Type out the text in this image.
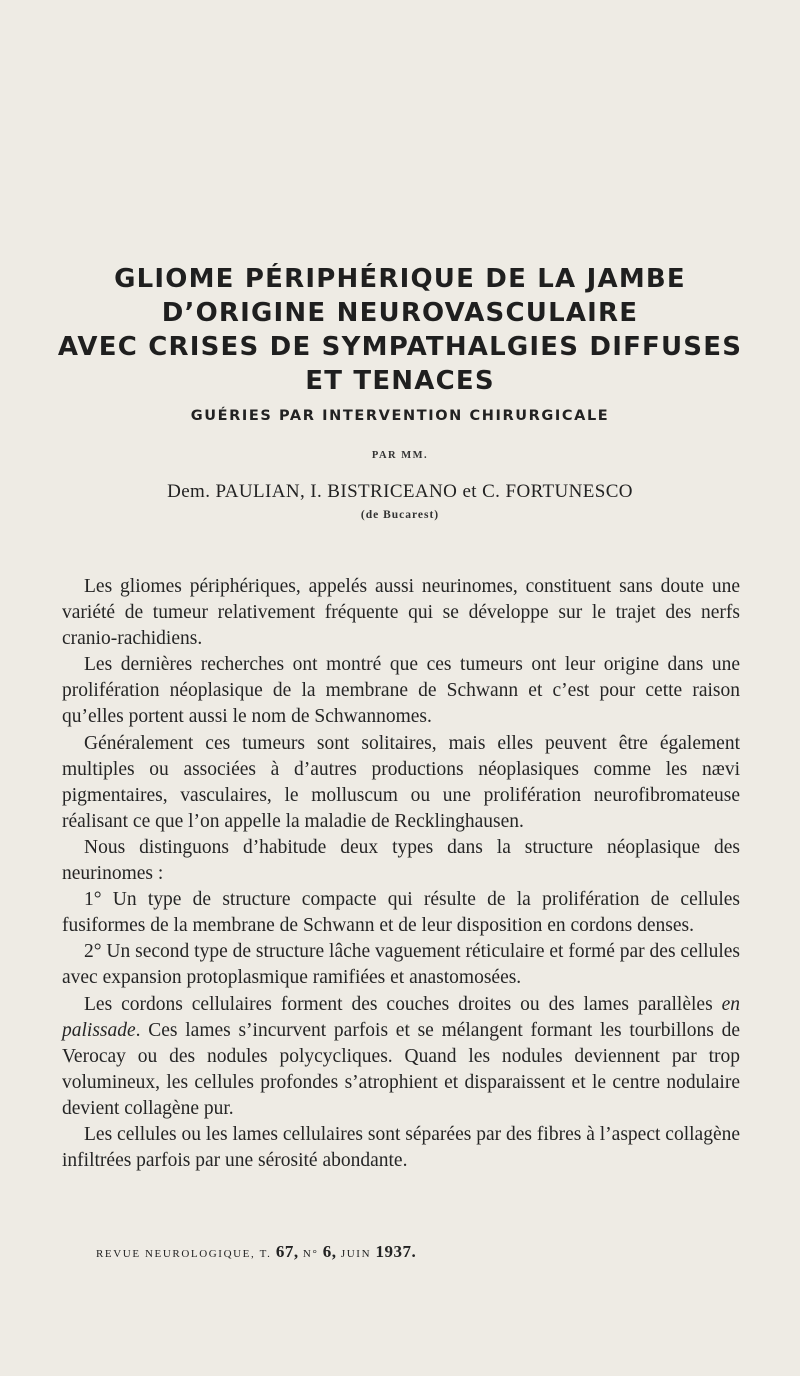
GLIOME PÉRIPHÉRIQUE DE LA JAMBE
D’ORIGINE NEUROVASCULAIRE
AVEC CRISES DE SYMPATHALGIES DIFFUSES
ET TENACES
GUÉRIES PAR INTERVENTION CHIRURGICALE
PAR MM.
Dem. PAULIAN, I. BISTRICEANO et C. FORTUNESCO
(de Bucarest)

Les gliomes périphériques, appelés aussi neurinomes, constituent sans doute une variété de tumeur relativement fréquente qui se développe sur le trajet des nerfs cranio-rachidiens.

Les dernières recherches ont montré que ces tumeurs ont leur origine dans une prolifération néoplasique de la membrane de Schwann et c’est pour cette raison qu’elles portent aussi le nom de Schwannomes.

Généralement ces tumeurs sont solitaires, mais elles peuvent être également multiples ou associées à d’autres productions néoplasiques comme les nævi pigmentaires, vasculaires, le molluscum ou une prolifération neurofibromateuse réalisant ce que l’on appelle la maladie de Recklinghausen.

Nous distinguons d’habitude deux types dans la structure néoplasique des neurinomes :

1° Un type de structure compacte qui résulte de la prolifération de cellules fusiformes de la membrane de Schwann et de leur disposition en cordons denses.

2° Un second type de structure lâche vaguement réticulaire et formé par des cellules avec expansion protoplasmique ramifiées et anastomosées.

Les cordons cellulaires forment des couches droites ou des lames parallèles en palissade. Ces lames s’incurvent parfois et se mélangent formant les tourbillons de Verocay ou des nodules polycycliques. Quand les nodules deviennent par trop volumineux, les cellules profondes s’atrophient et disparaissent et le centre nodulaire devient collagène pur.

Les cellules ou les lames cellulaires sont séparées par des fibres à l’aspect collagène infiltrées parfois par une sérosité abondante.

REVUE NEUROLOGIQUE, T. 67, N° 6, JUIN 1937.
